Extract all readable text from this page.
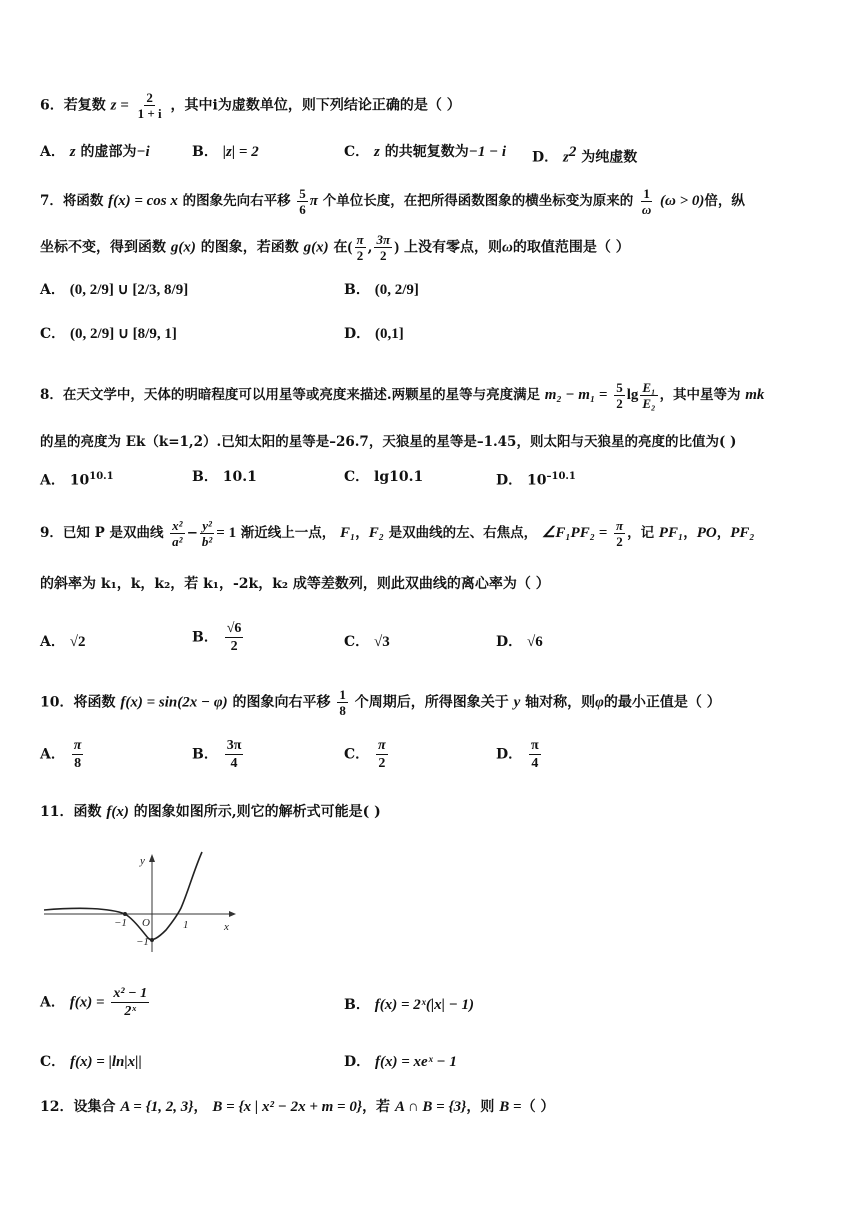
6．若复数 $z = \frac{2}{1 + i}$ ，其中i为虚数单位，则下列结论正确的是（ ）
A． z 的虚部为−i	B． |z| = 2	C． z 的共轭复数为−1 − i D． $z^2$ 为纯虚数
7．将函数 f(x) = cos x 的图象先向右平移 $\frac{5}{6}$ π 个单位长度，在把所得函数图象的横坐标变为原来的 $\frac{1}{\omega} (\omega > 0)$倍，纵
坐标不变，得到函数 g(x) 的图象，若函数 g(x) 在( $\frac{\pi}{2}$ , $\frac{3\pi}{2}$ ) 上没有零点，则ω的取值范围是（ ）
A． (0, 2/9] ∪ [2/3, 8/9]	B． (0, 2/9]
C． (0, 2/9] ∪ [8/9, 1]	D． (0,1]
8．在天文学中，天体的明暗程度可以用星等或亮度来描述.两颗星的星等与亮度满足 $m_2 - m_1 = \frac{5}{2}$ $\lg \frac{\text{E₁}}{\text{E₂}}$ ，其中星等为 mk
的星的亮度为 Ek（k=1,2）.已知太阳的星等是–26.7，天狼星的星等是–1.45，则太阳与天狼星的亮度的比值为( )
A． $10^{10.1}$	B． 10.1	C． lg10.1	D． $10^{-10.1}$
9．已知 P 是双曲线 $\frac{\text{x²}}{\text{a²}} - \frac{\text{y²}}{\text{b²}} = 1$ 渐近线上一点， F₁，F₂ 是双曲线的左、右焦点， ∠F₁PF₂ = $\frac{\pi}{2}$ ，记 PF₁，PO，PF₂
的斜率为 k₁，k，k₂，若 k₁，-2k，k₂ 成等差数列，则此双曲线的离心率为（ ）
A． √2	B． $\frac{√6}{2}$	C． √3	D． √6
10．将函数 f(x) = sin(2x − φ) 的图象向右平移 $\frac{1}{8}$ 个周期后，所得图象关于 y 轴对称，则φ的最小正值是（ ）
A． $\frac{\pi}{8}$	B． $\frac{3\pi}{4}$	C． $\frac{\pi}{2}$	D． $\frac{\pi}{4}$
11．函数 f(x) 的图象如图所示,则它的解析式可能是( )
y
x
O
−1	1
−1
A． $f(x) = \frac{\text{x² − 1}}{\text{2ˣ}}$	B． f(x) = 2ˣ(|x| − 1)
C． f(x) = |ln|x||	D． f(x) = xeˣ − 1
12．设集合 A = {1, 2, 3}， B = {x | x² − 2x + m = 0}，若 A ∩ B = {3}，则 B =（ ）
